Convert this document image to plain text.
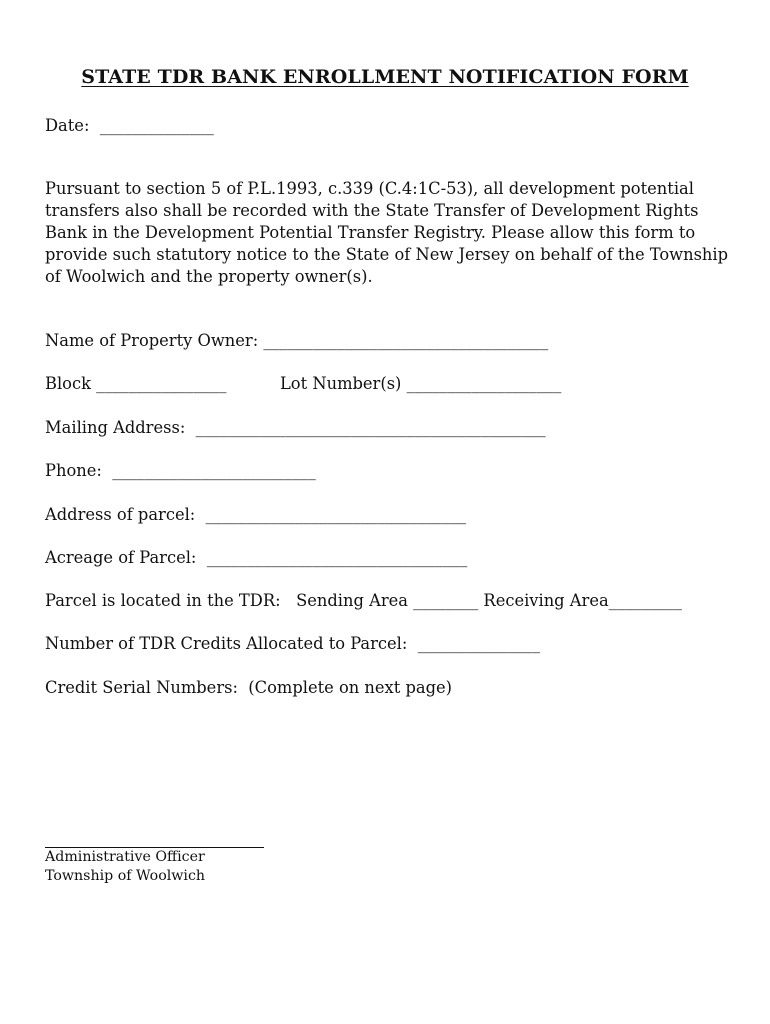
STATE TDR BANK ENROLLMENT NOTIFICATION FORM
Date:  ______________
Pursuant to section 5 of P.L.1993, c.339 (C.4:1C-53), all development potential
transfers also shall be recorded with the State Transfer of Development Rights
Bank in the Development Potential Transfer Registry. Please allow this form to
provide such statutory notice to the State of New Jersey on behalf of the Township
of Woolwich and the property owner(s).
Name of Property Owner: ___________________________________
Block ________________	Lot Number(s) ___________________
Mailing Address:  ___________________________________________
Phone:  _________________________
Address of parcel:  ________________________________
Acreage of Parcel:  ________________________________
Parcel is located in the TDR:   Sending Area ________ Receiving Area_________
Number of TDR Credits Allocated to Parcel:  _______________
Credit Serial Numbers:  (Complete on next page)
Administrative Officer
Township of Woolwich
